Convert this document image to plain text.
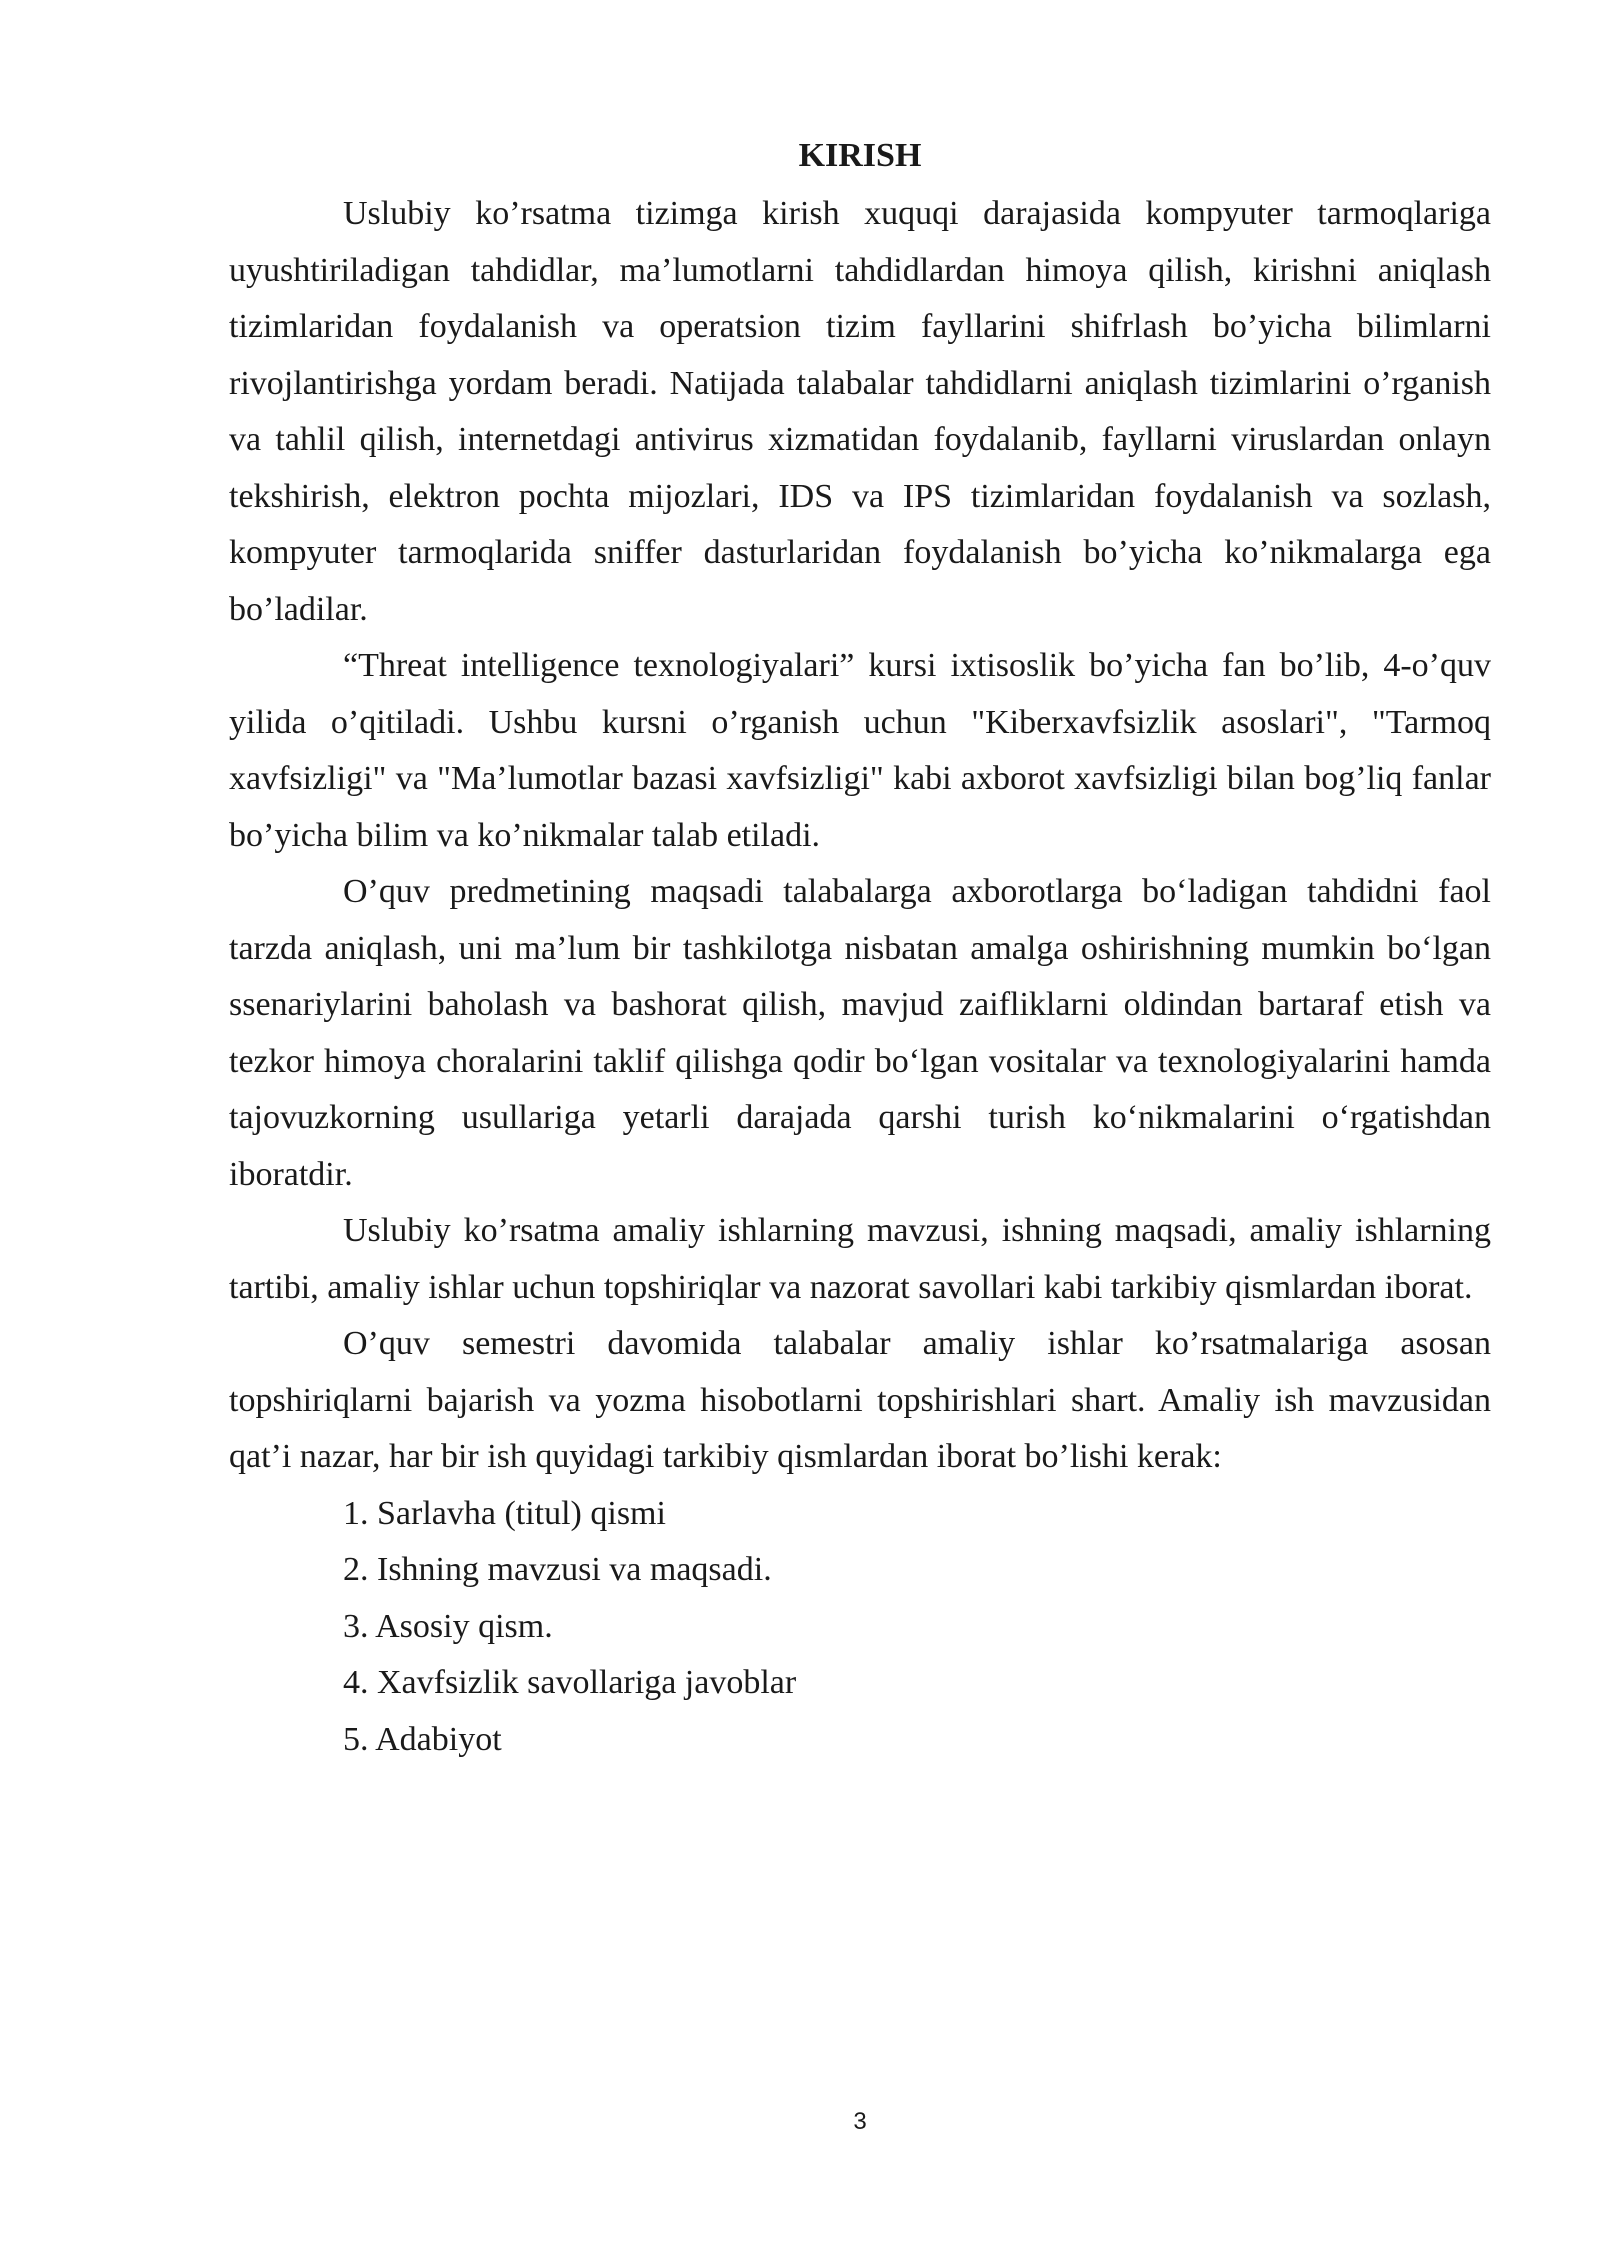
KIRISH

Uslubiy ko’rsatma tizimga kirish xuquqi darajasida kompyuter tarmoqlariga uyushtiriladigan tahdidlar, ma’lumotlarni tahdidlardan himoya qilish, kirishni aniqlash tizimlaridan foydalanish va operatsion tizim fayllarini shifrlash bo’yicha bilimlarni rivojlantirishga yordam beradi. Natijada talabalar tahdidlarni aniqlash tizimlarini o’rganish va tahlil qilish, internetdagi antivirus xizmatidan foydalanib, fayllarni viruslardan onlayn tekshirish, elektron pochta mijozlari, IDS va IPS tizimlaridan foydalanish va sozlash, kompyuter tarmoqlarida sniffer dasturlaridan foydalanish bo’yicha ko’nikmalarga ega bo’ladilar.

“Threat intelligence texnologiyalari” kursi ixtisoslik bo’yicha fan bo’lib, 4-o’quv yilida o’qitiladi. Ushbu kursni o’rganish uchun "Kiberxavfsizlik asoslari", "Tarmoq xavfsizligi" va "Ma’lumotlar bazasi xavfsizligi" kabi axborot xavfsizligi bilan bog’liq fanlar bo’yicha bilim va ko’nikmalar talab etiladi.

O’quv predmetining maqsadi talabalarga axborotlarga bo‘ladigan tahdidni faol tarzda aniqlash, uni ma’lum bir tashkilotga nisbatan amalga oshirishning mumkin bo‘lgan ssenariylarini baholash va bashorat qilish, mavjud zaifliklarni oldindan bartaraf etish va tezkor himoya choralarini taklif qilishga qodir bo‘lgan vositalar va texnologiyalarini hamda tajovuzkorning usullariga yetarli darajada qarshi turish ko‘nikmalarini o‘rgatishdan iboratdir.

Uslubiy ko’rsatma amaliy ishlarning mavzusi, ishning maqsadi, amaliy ishlarning tartibi, amaliy ishlar uchun topshiriqlar va nazorat savollari kabi tarkibiy qismlardan iborat.

O’quv semestri davomida talabalar amaliy ishlar ko’rsatmalariga asosan topshiriqlarni bajarish va yozma hisobotlarni topshirishlari shart. Amaliy ish mavzusidan qat’i nazar, har bir ish quyidagi tarkibiy qismlardan iborat bo’lishi kerak:

1. Sarlavha (titul) qismi
2. Ishning mavzusi va maqsadi.
3. Asosiy qism.
4. Xavfsizlik savollariga javoblar
5. Adabiyot
3
